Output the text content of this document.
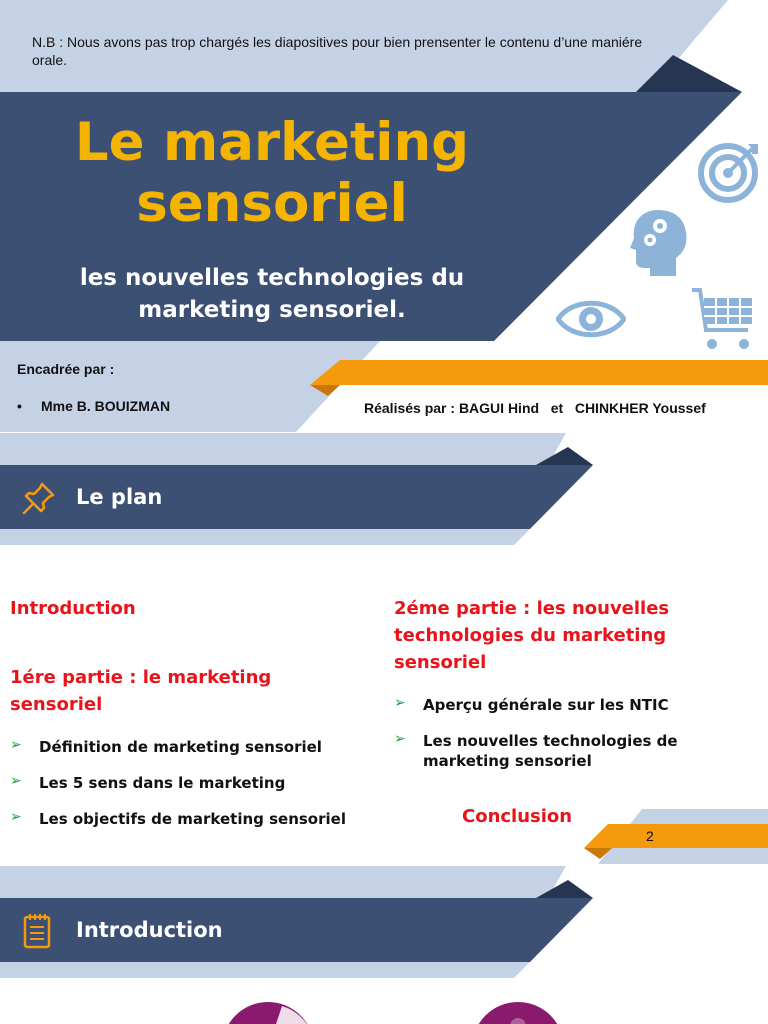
N.B : Nous avons pas trop chargés les diapositives pour bien prensenter le contenu d’une maniére orale.
Le marketing
sensoriel
les nouvelles technologies du
marketing sensoriel.
Encadrée par :
• Mme B. BOUIZMAN	Réalisés par : BAGUI Hind   et   CHINKHER Youssef
Le plan
Introduction
1ére partie : le marketing sensoriel
➢ Définition de marketing sensoriel
➢ Les 5 sens dans le marketing
➢ Les objectifs de marketing sensoriel
2éme partie : les nouvelles technologies du marketing sensoriel
➢ Aperçu générale sur les NTIC
➢ Les nouvelles technologies de marketing sensoriel
Conclusion
2
Introduction
